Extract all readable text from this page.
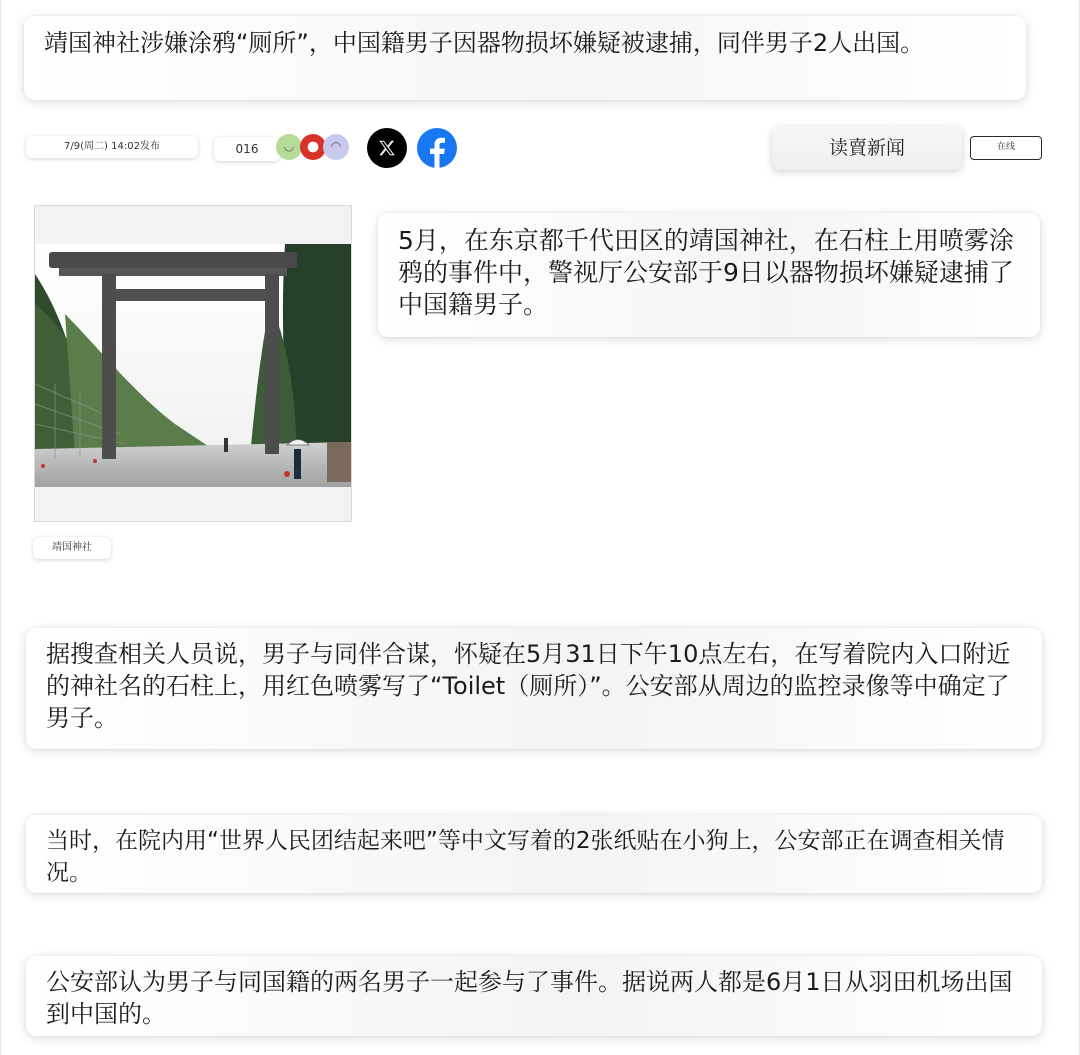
靖国神社涉嫌涂鸦“厕所”，中国籍男子因器物损坏嫌疑被逮捕，同伴男子2人出国。
7/9(周二) 14:02发布	016	◡	◠	读賣新闻	在线
靖国神社
5月，在东京都千代田区的靖国神社，在石柱上用喷雾涂鸦的事件中，警视厅公安部于9日以器物损坏嫌疑逮捕了中国籍男子。
据搜查相关人员说，男子与同伴合谋，怀疑在5月31日下午10点左右，在写着院内入口附近的神社名的石柱上，用红色喷雾写了“Toilet（厕所）”。公安部从周边的监控录像等中确定了男子。
当时，在院内用“世界人民团结起来吧”等中文写着的2张纸贴在小狗上，公安部正在调查相关情况。
公安部认为男子与同国籍的两名男子一起参与了事件。据说两人都是6月1日从羽田机场出国到中国的。
